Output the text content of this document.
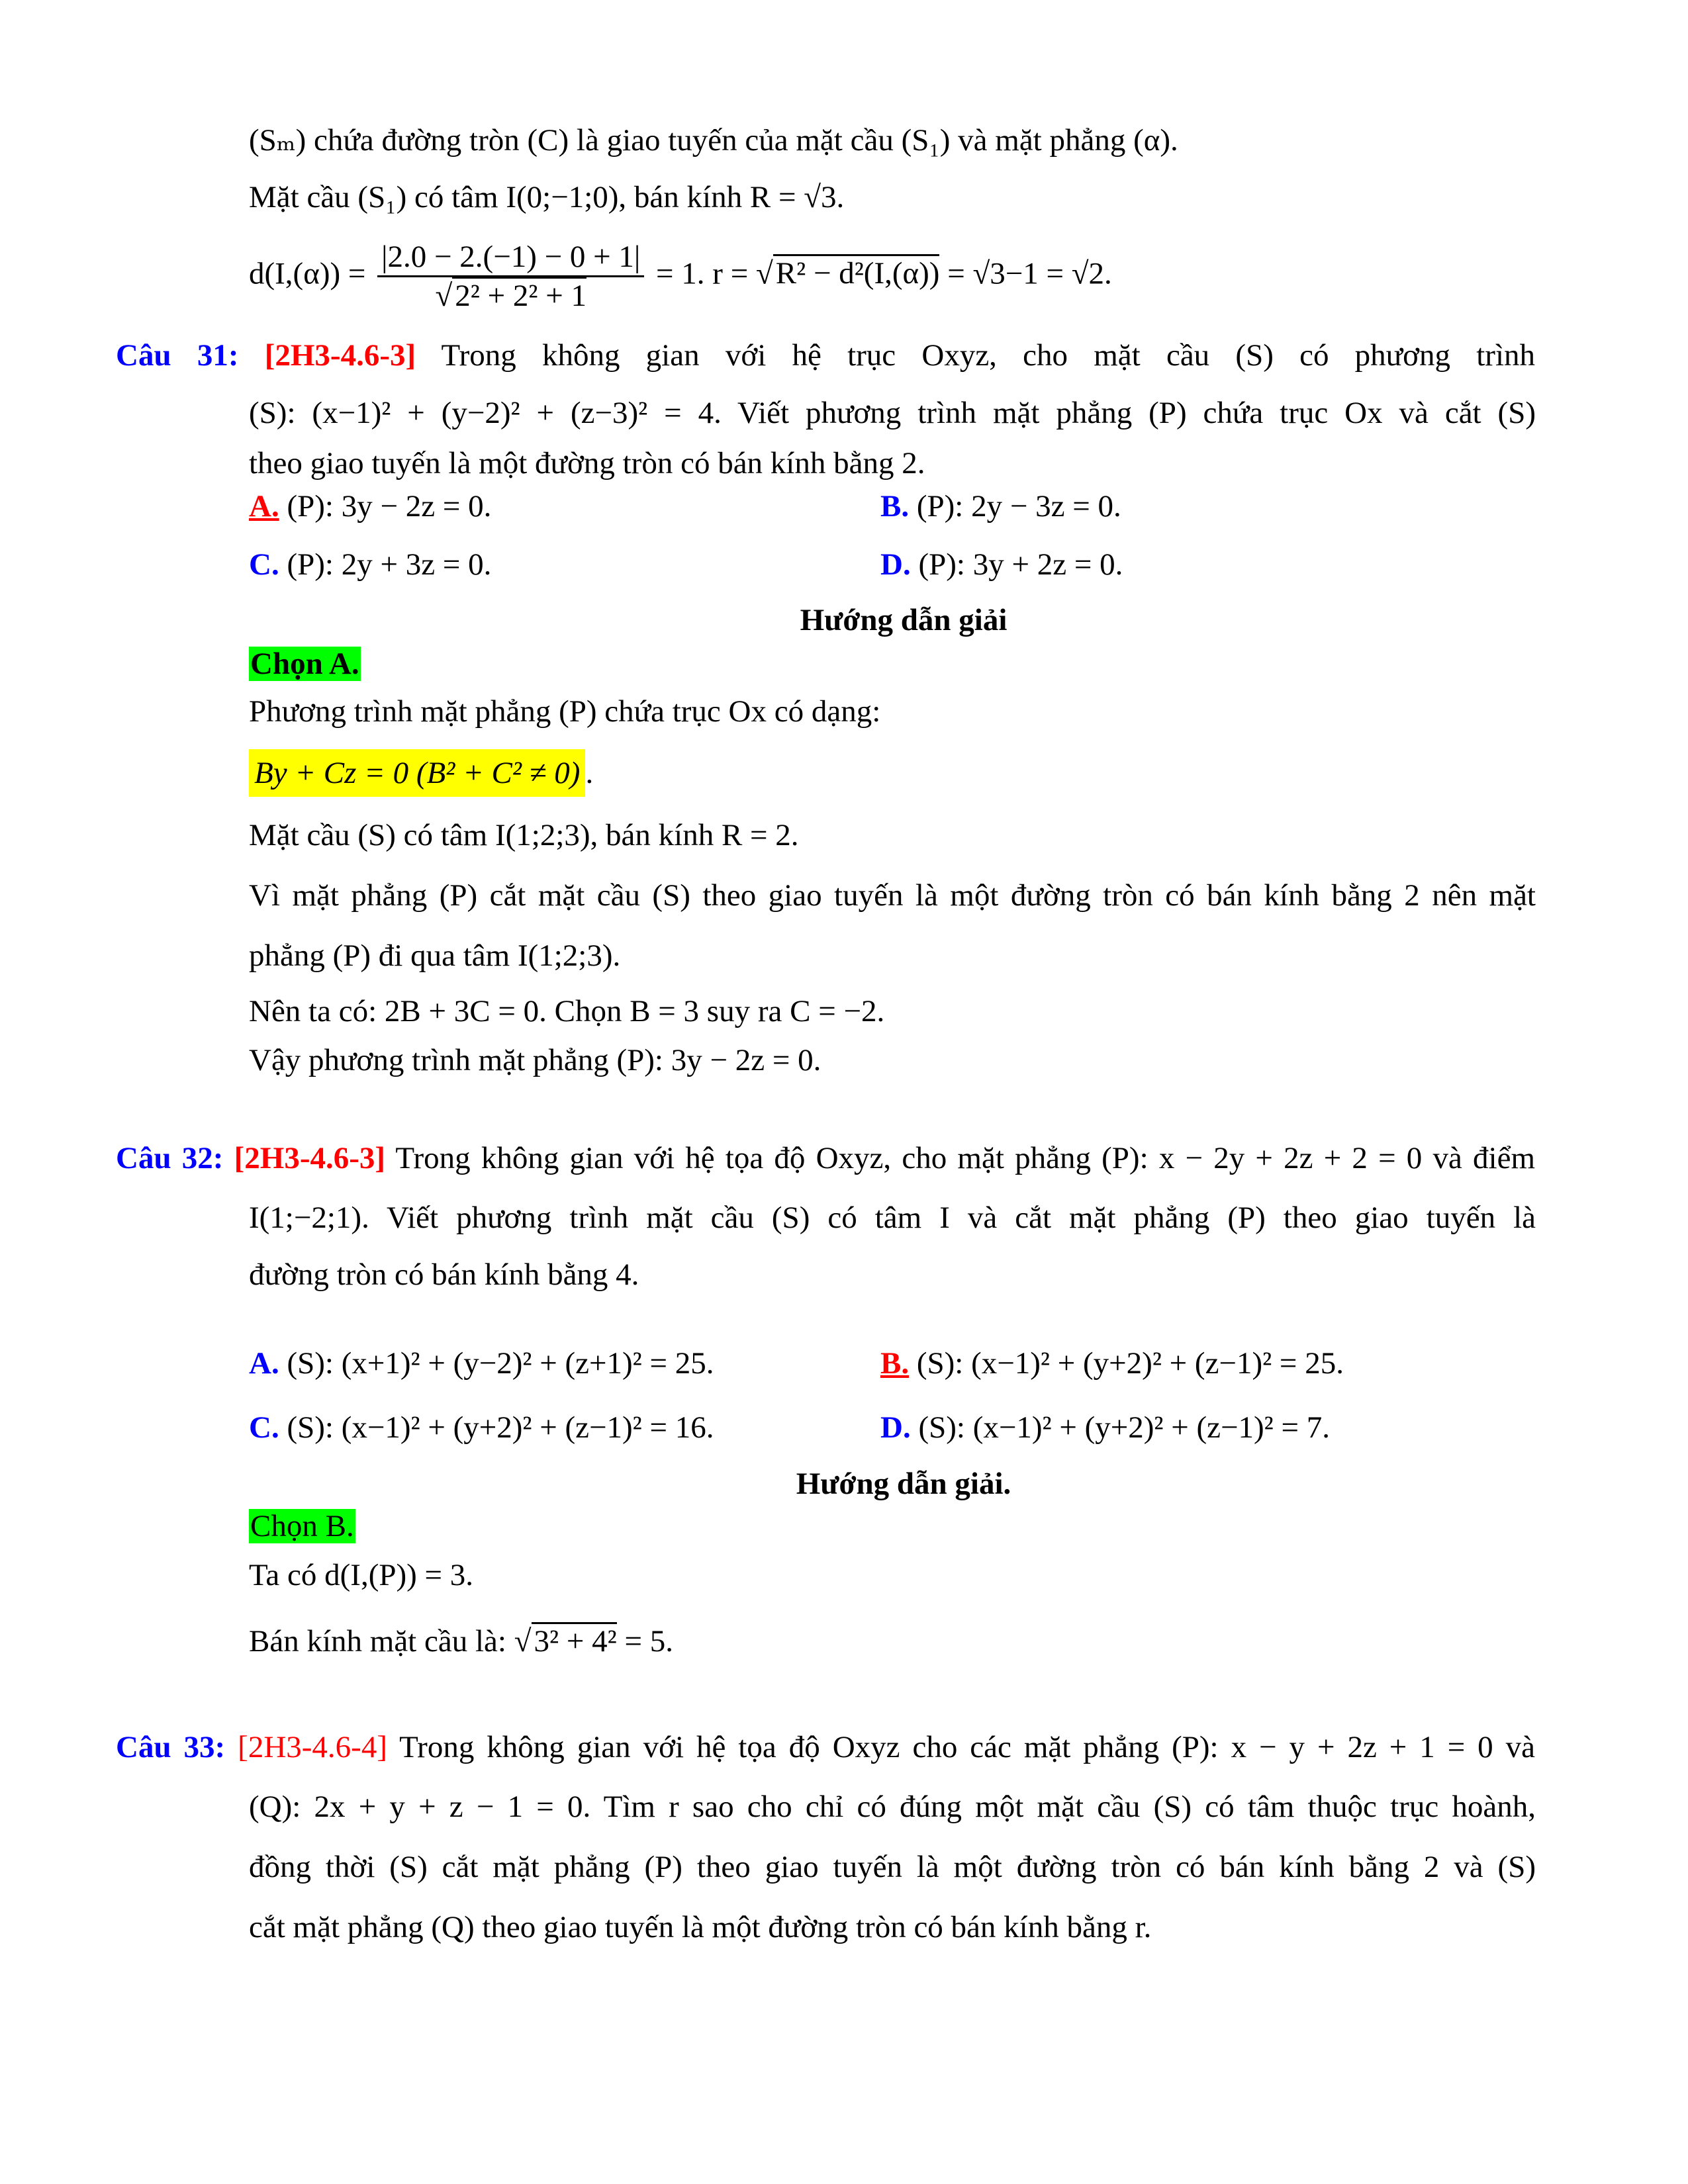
(Sₘ) chứa đường tròn (C) là giao tuyến của mặt cầu (S₁) và mặt phẳng (α).
Mặt cầu (S₁) có tâm I(0;−1;0), bán kính R = √3.
$d(I,(\alpha)) = \frac{|2.0 - 2.(-1) - 0 + 1|}{\text{√2² + 2² + 1}} = 1$. r = √R² − d²(I,(α)) = √3−1 = √2.
Câu 31: [2H3-4.6-3] Trong không gian với hệ trục Oxyz, cho mặt cầu (S) có phương trình
(S): (x−1)² + (y−2)² + (z−3)² = 4. Viết phương trình mặt phẳng (P) chứa trục Ox và cắt (S)
theo giao tuyến là một đường tròn có bán kính bằng 2.
A. (P): 3y − 2z = 0.	B. (P): 2y − 3z = 0.
C. (P): 2y + 3z = 0.	D. (P): 3y + 2z = 0.
Hướng dẫn giải
Chọn A.
Phương trình mặt phẳng (P) chứa trục Ox có dạng:
By + Cz = 0 (B² + C² ≠ 0) .
Mặt cầu (S) có tâm I(1;2;3), bán kính R = 2.
Vì mặt phẳng (P) cắt mặt cầu (S) theo giao tuyến là một đường tròn có bán kính bằng 2 nên mặt
phẳng (P) đi qua tâm I(1;2;3).
Nên ta có: 2B + 3C = 0. Chọn B = 3 suy ra C = −2.
Vậy phương trình mặt phẳng (P): 3y − 2z = 0.
Câu 32: [2H3-4.6-3] Trong không gian với hệ tọa độ Oxyz, cho mặt phẳng (P): x − 2y + 2z + 2 = 0 và điểm
I(1;−2;1). Viết phương trình mặt cầu (S) có tâm I và cắt mặt phẳng (P) theo giao tuyến là
đường tròn có bán kính bằng 4.
A. (S): (x+1)² + (y−2)² + (z+1)² = 25.	B. (S): (x−1)² + (y+2)² + (z−1)² = 25.
C. (S): (x−1)² + (y+2)² + (z−1)² = 16.	D. (S): (x−1)² + (y+2)² + (z−1)² = 7.
Hướng dẫn giải.
Chọn B.
Ta có d(I,(P)) = 3.
Bán kính mặt cầu là: √3² + 4² = 5.
Câu 33: [2H3-4.6-4] Trong không gian với hệ tọa độ Oxyz cho các mặt phẳng (P): x − y + 2z + 1 = 0 và
(Q): 2x + y + z − 1 = 0. Tìm r sao cho chỉ có đúng một mặt cầu (S) có tâm thuộc trục hoành,
đồng thời (S) cắt mặt phẳng (P) theo giao tuyến là một đường tròn có bán kính bằng 2 và (S)
cắt mặt phẳng (Q) theo giao tuyến là một đường tròn có bán kính bằng r.
